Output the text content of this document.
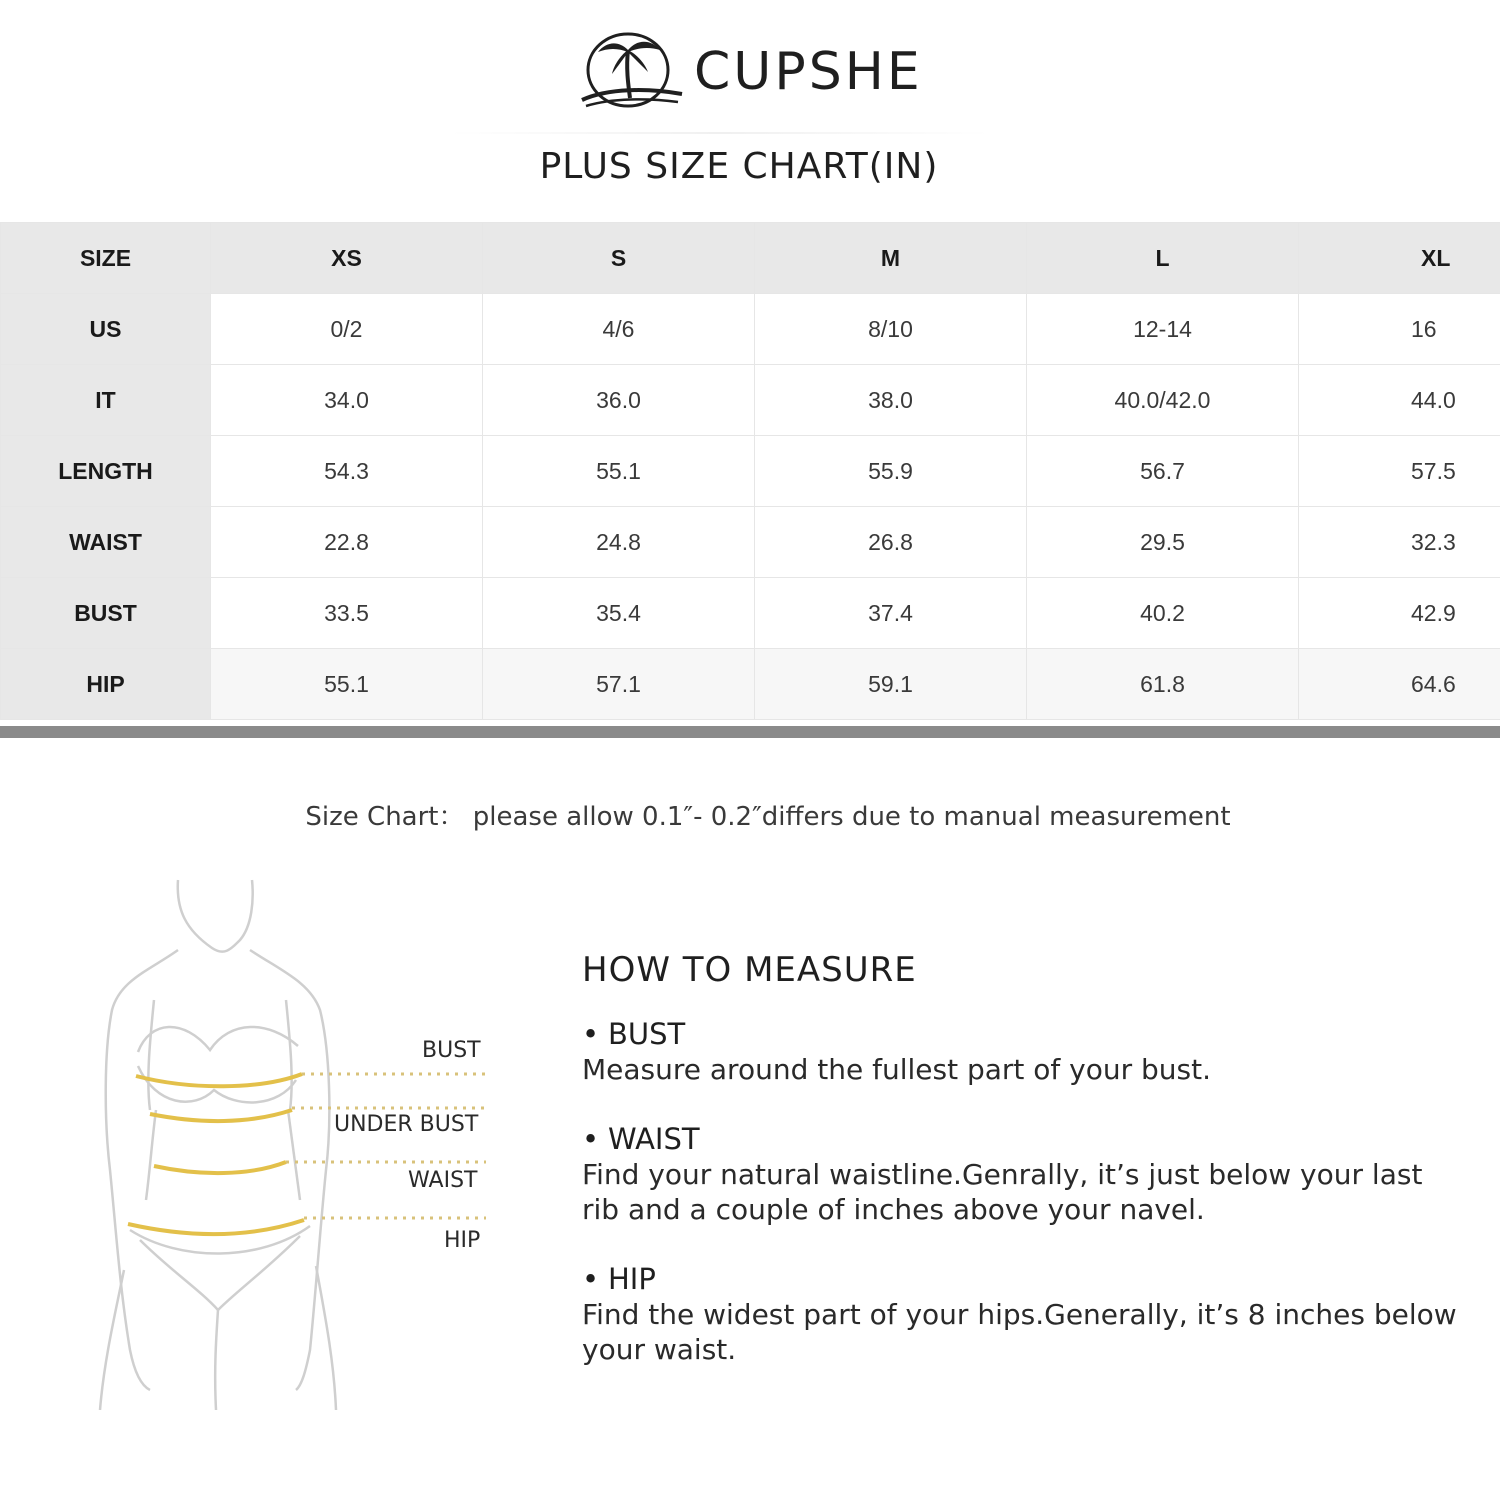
CUPSHE
PLUS SIZE CHART(IN)
SIZE	XS	S	M	L	XL
US	0/2	4/6	8/10	12-14	16
IT	34.0	36.0	38.0	40.0/42.0	44.0
LENGTH	54.3	55.1	55.9	56.7	57.5
WAIST	22.8	24.8	26.8	29.5	32.3
BUST	33.5	35.4	37.4	40.2	42.9
HIP	55.1	57.1	59.1	61.8	64.6
Size Chart： please allow 0.1″- 0.2″differs due to manual measurement
BUST
UNDER BUST
WAIST
HIP
HOW TO MEASURE
• BUST
Measure around the fullest part of your bust.
• WAIST
Find your natural waistline.Genrally, it’s just below your last rib and a couple of inches above your navel.
• HIP
Find the widest part of your hips.Generally, it’s 8 inches below your waist.
